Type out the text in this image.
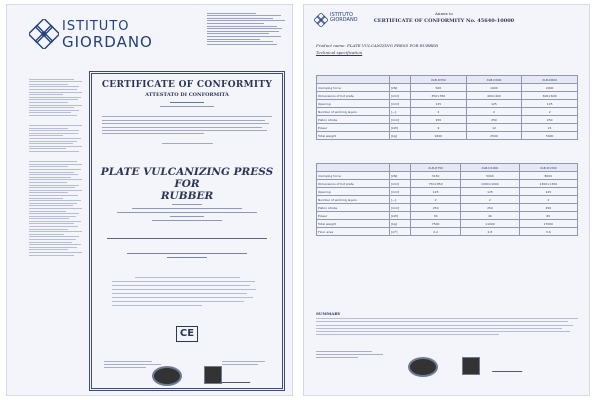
ISTITUTO
GIORDANO
CERTIFICATE OF CONFORMITY
ATTESTATO DI CONFORMITÀ
PLATE VULCANIZING PRESS FOR
RUBBER
CE
ISTITUTO
GIORDANO
Annex to
CERTIFICATE OF CONFORMITY No. 45640-10000
Product name: PLATE VULCANIZING PRESS FOR RUBBER
Technical specification
		XLB-D350	XLB-D400	XLB-D600
Clamping force	[kN]	500	1000	2000
Dimensions of hot plate	[mm]	350×350	400×400	600×600
Opening	[mm]	125	125	125
Number of working layers	[—]	2	2	2
Piston stroke	[mm]	250	250	250
Power	[kW]	9	12	21
Total weight	[kg]	1600	2500	5000
		XLB-D750	XLB-D1000	XLB-D1300
Clamping force	[kN]	3150	5000	8000
Dimensions of hot plate	[mm]	750×850	1000×1000	1300×1300
Opening	[mm]	125	125	125
Number of working layers	[—]	2	2	2
Piston stroke	[mm]	250	250	250
Power	[kW]	30	40	60
Total weight	[kg]	7500	11000	17000
Floor area	[m²]	2.2	2.8	3.6
SUMMARY
